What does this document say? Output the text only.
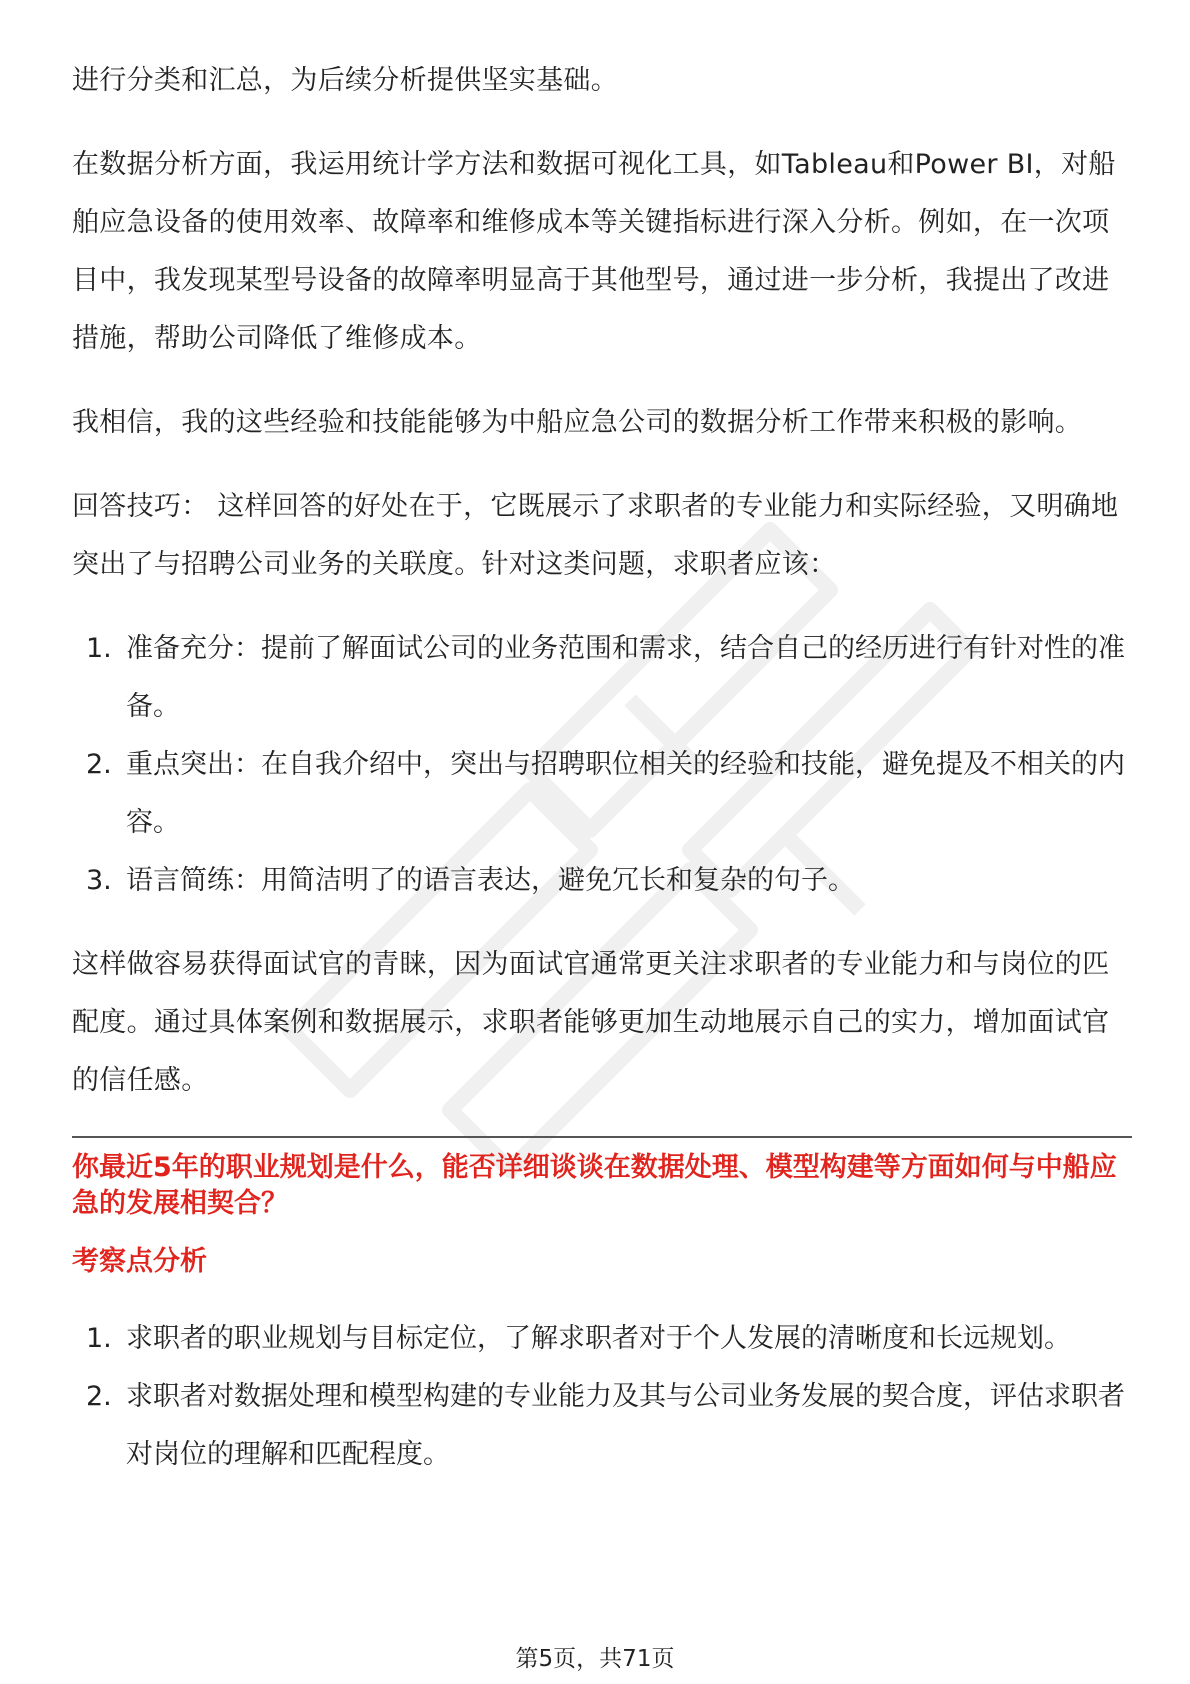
进行分类和汇总，为后续分析提供坚实基础。

在数据分析方面，我运用统计学方法和数据可视化工具，如Tableau和Power BI，对船舶应急设备的使用效率、故障率和维修成本等关键指标进行深入分析。例如，在一次项目中，我发现某型号设备的故障率明显高于其他型号，通过进一步分析，我提出了改进措施，帮助公司降低了维修成本。

我相信，我的这些经验和技能能够为中船应急公司的数据分析工作带来积极的影响。

回答技巧： 这样回答的好处在于，它既展示了求职者的专业能力和实际经验，又明确地突出了与招聘公司业务的关联度。针对这类问题，求职者应该：

1. 准备充分：提前了解面试公司的业务范围和需求，结合自己的经历进行有针对性的准备。
2. 重点突出：在自我介绍中，突出与招聘职位相关的经验和技能，避免提及不相关的内容。
3. 语言简练：用简洁明了的语言表达，避免冗长和复杂的句子。

这样做容易获得面试官的青睐，因为面试官通常更关注求职者的专业能力和与岗位的匹配度。通过具体案例和数据展示，求职者能够更加生动地展示自己的实力，增加面试官的信任感。

你最近5年的职业规划是什么，能否详细谈谈在数据处理、模型构建等方面如何与中船应急的发展相契合？
考察点分析
1. 求职者的职业规划与目标定位，了解求职者对于个人发展的清晰度和长远规划。
2. 求职者对数据处理和模型构建的专业能力及其与公司业务发展的契合度，评估求职者对岗位的理解和匹配程度。
第5页，共71页
